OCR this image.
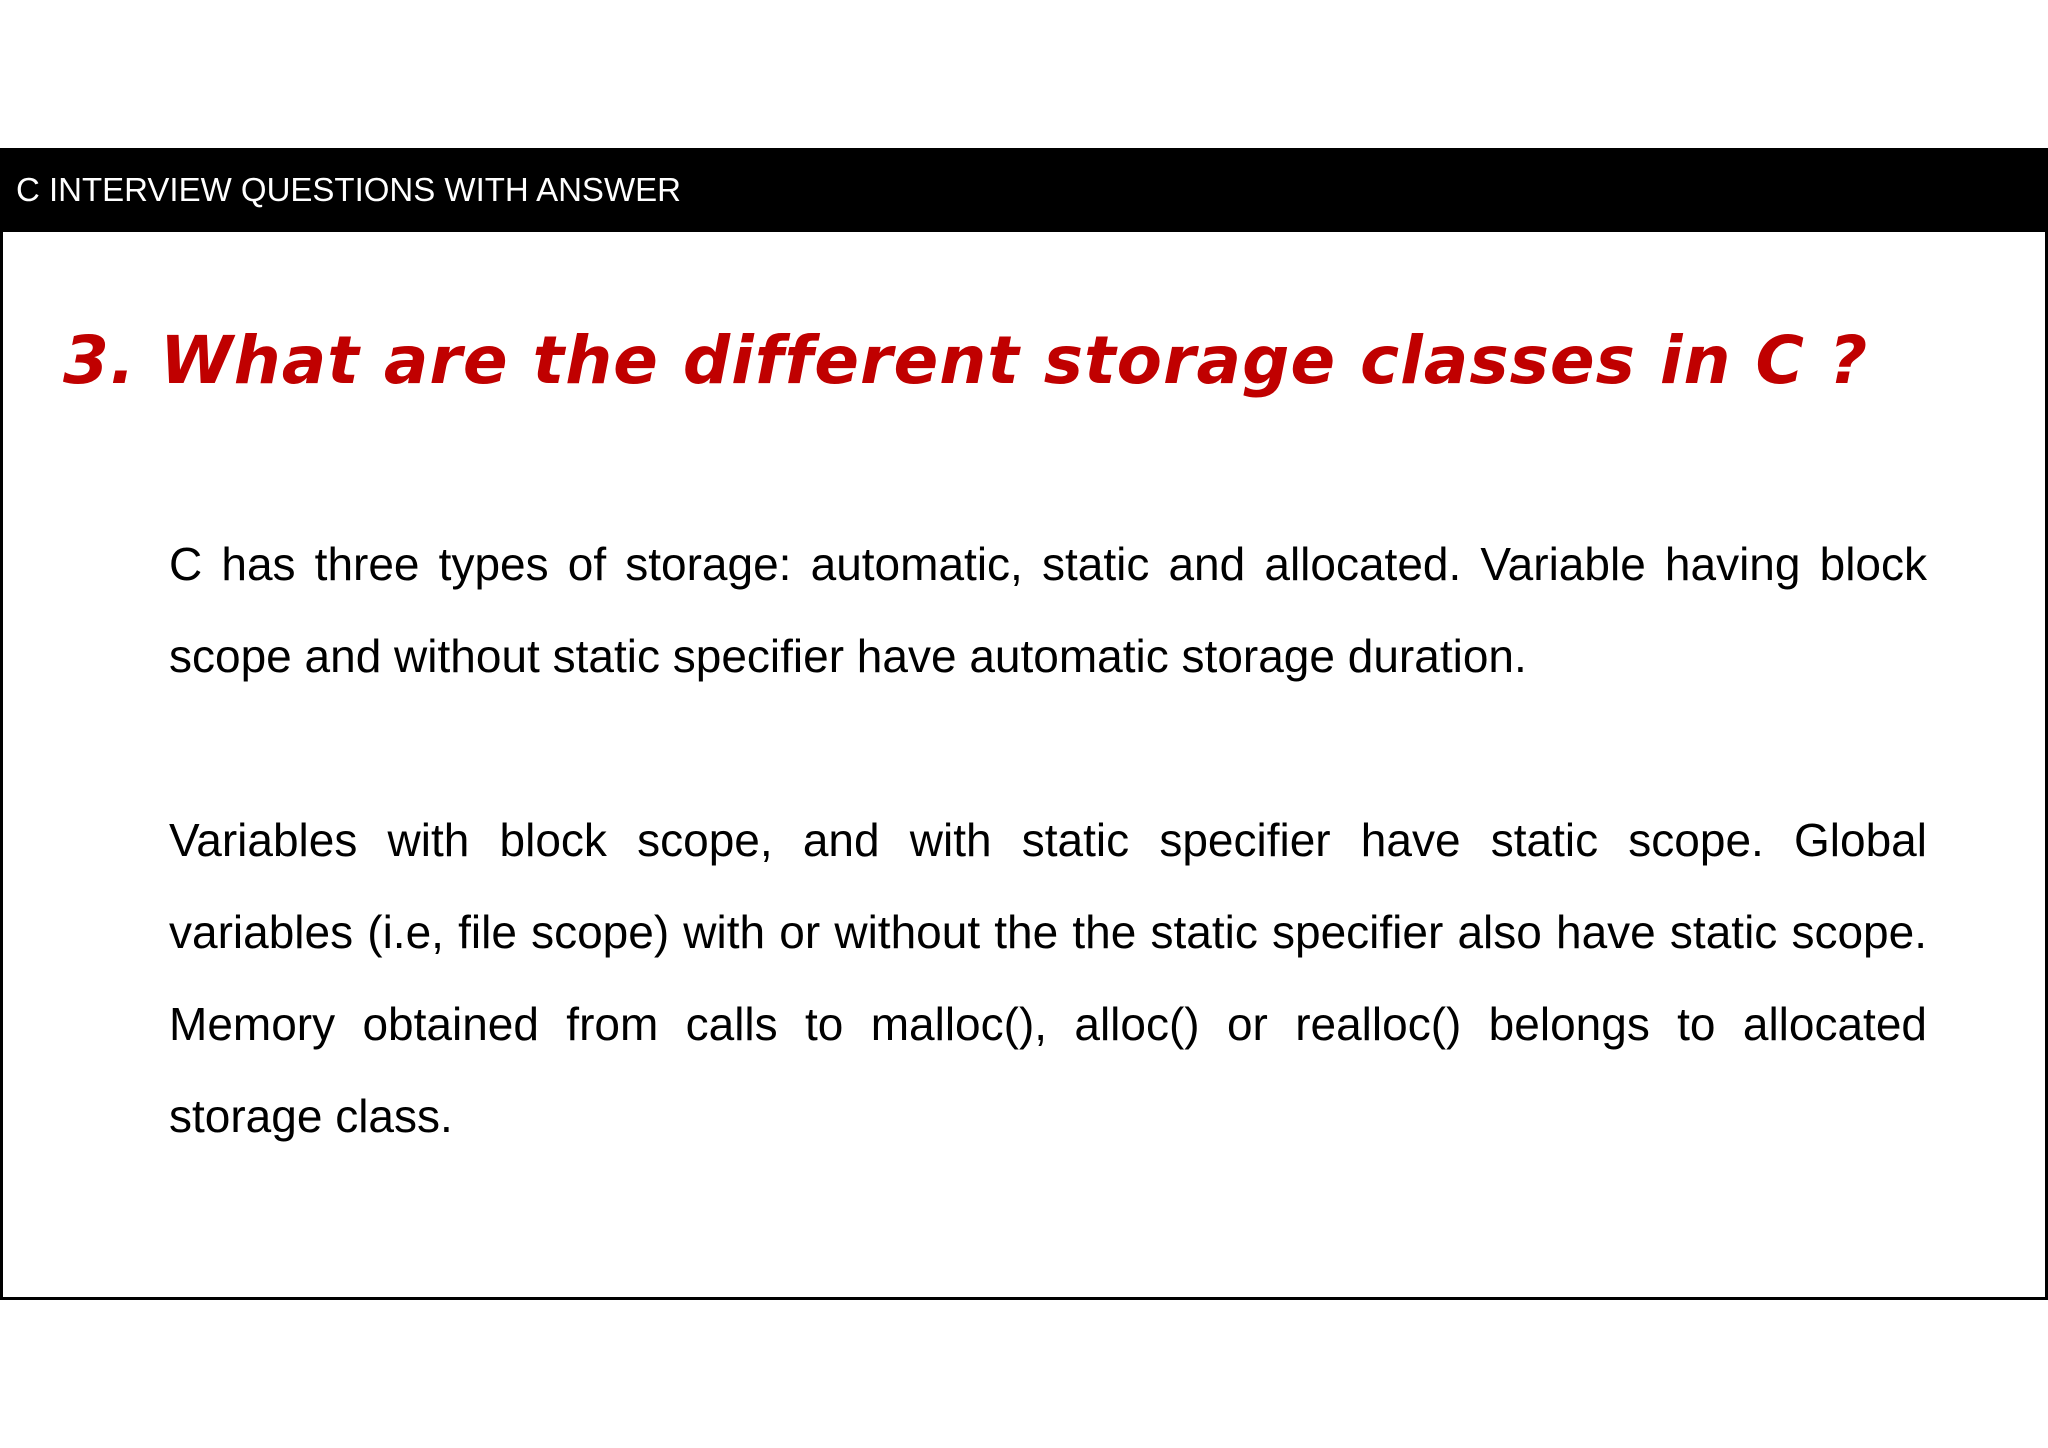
C INTERVIEW QUESTIONS WITH ANSWER
3. What are the different storage classes in C ?

C has three types of storage: automatic, static and allocated. Variable having block scope and without static specifier have automatic storage duration.

Variables with block scope, and with static specifier have static scope. Global variables (i.e, file scope) with or without the the static specifier also have static scope. Memory obtained from calls to malloc(), alloc() or realloc() belongs to allocated storage class.
